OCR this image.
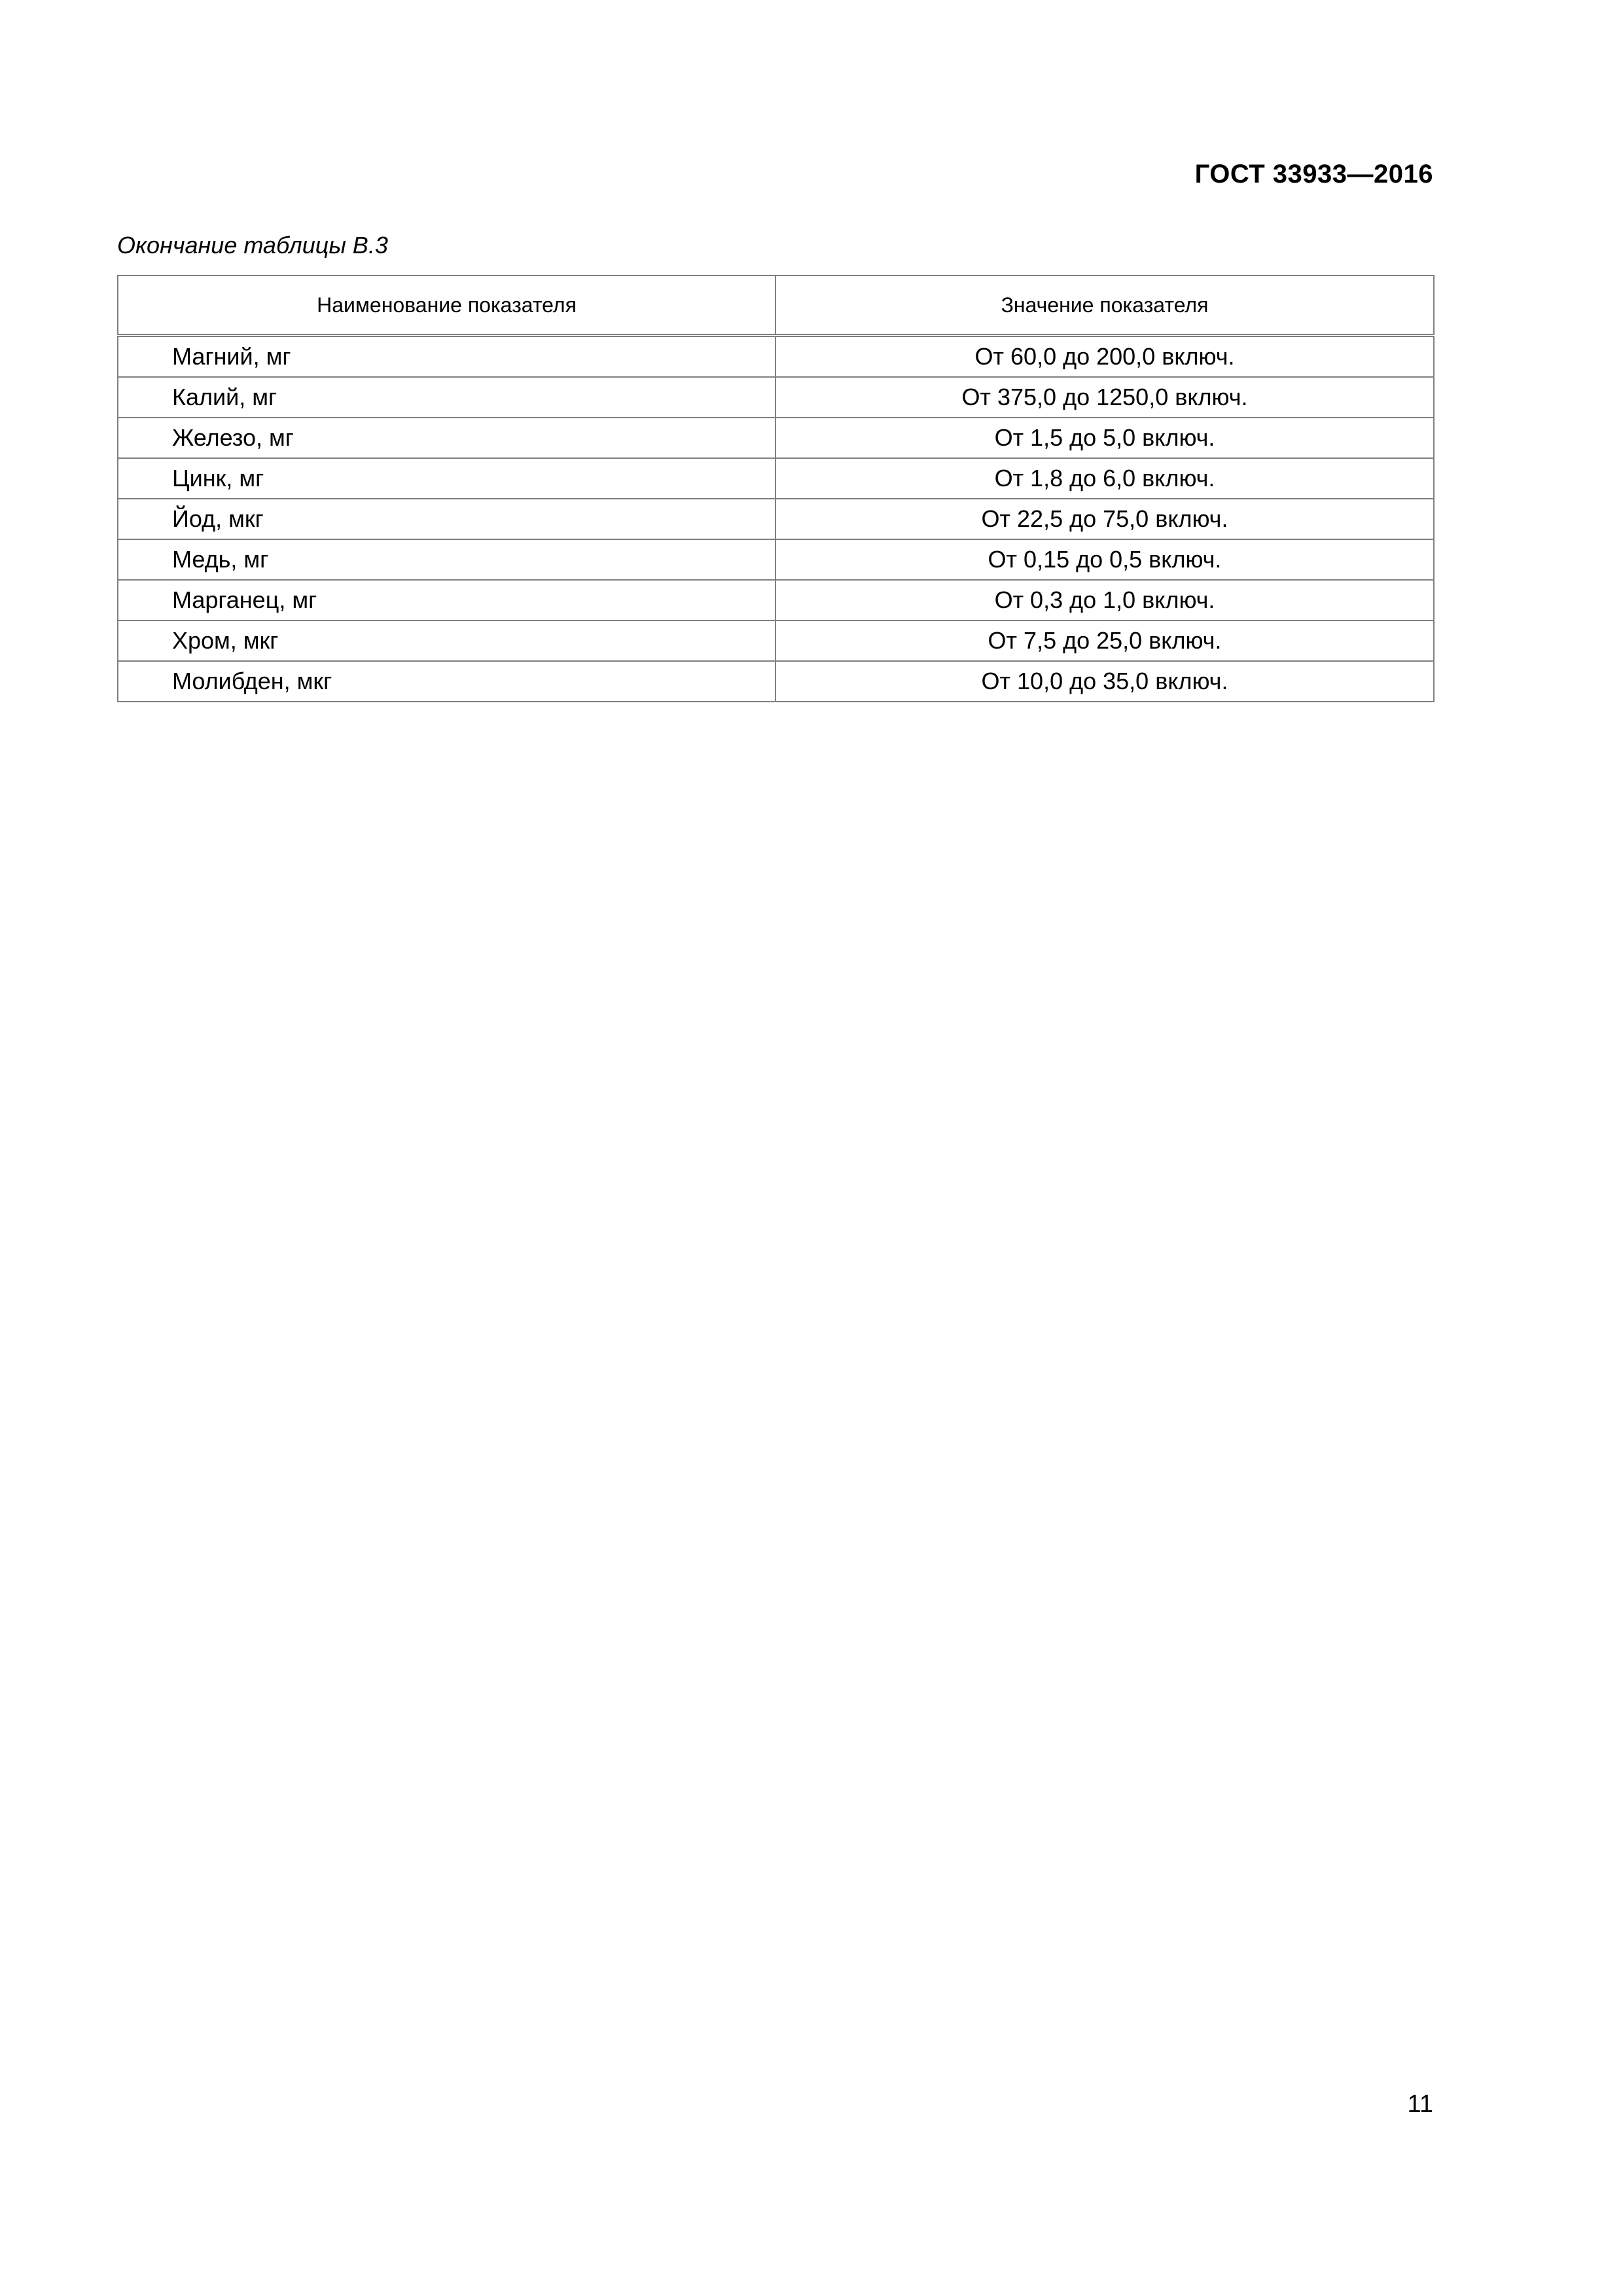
ГОСТ 33933—2016
Окончание таблицы В.3
Наименование показателя	Значение показателя
Магний, мг	От 60,0 до 200,0 включ.
Калий, мг	От 375,0 до 1250,0 включ.
Железо, мг	От 1,5 до 5,0 включ.
Цинк, мг	От 1,8 до 6,0 включ.
Йод, мкг	От 22,5 до 75,0 включ.
Медь, мг	От 0,15 до 0,5 включ.
Марганец, мг	От 0,3 до 1,0 включ.
Хром, мкг	От 7,5 до 25,0 включ.
Молибден, мкг	От 10,0 до 35,0 включ.
11
